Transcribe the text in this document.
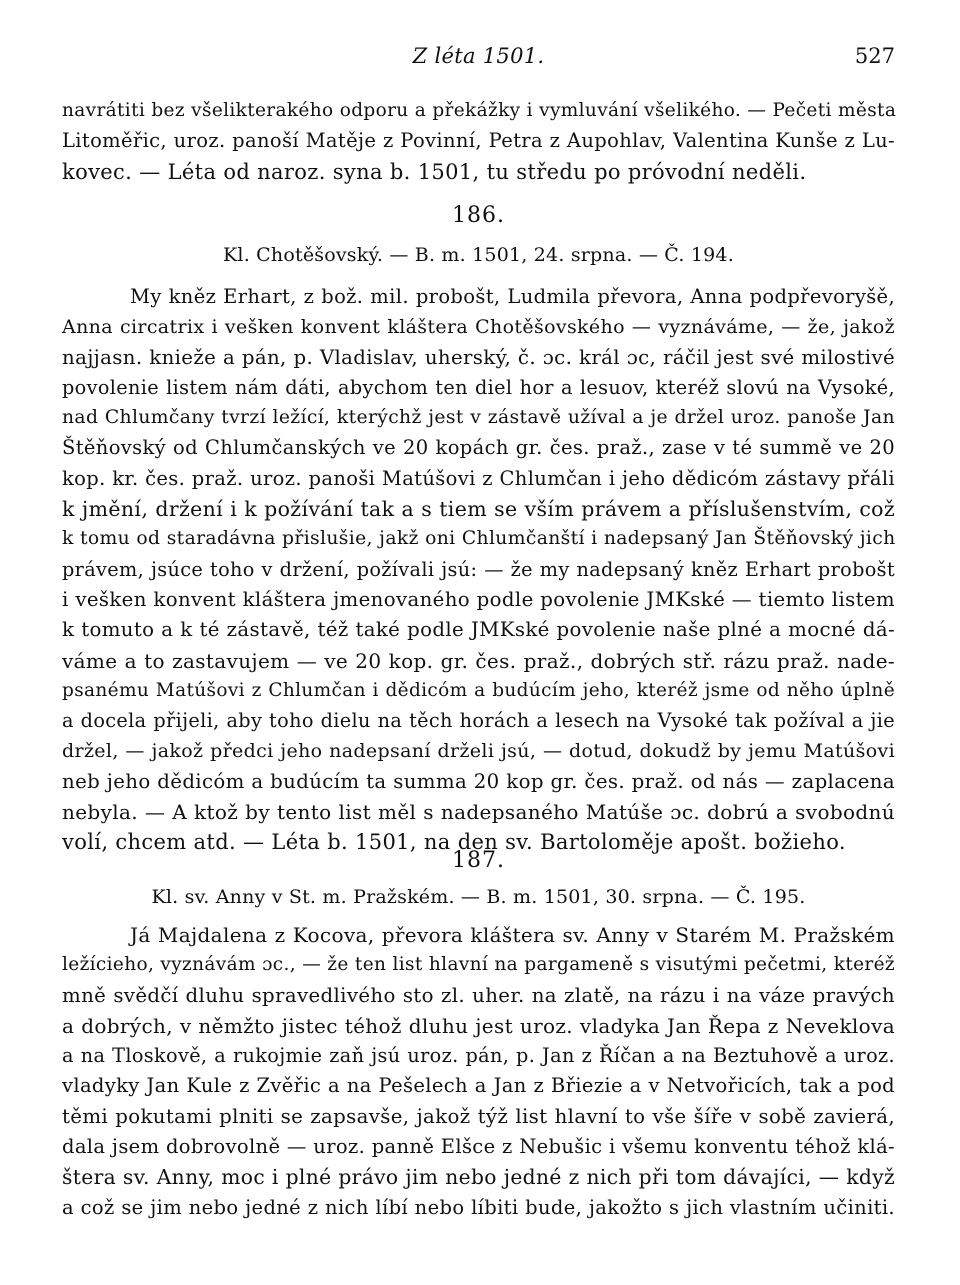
Z léta 1501.	527
navrátiti bez všelikterakého odporu a překážky i vymluvání všelikého. — Pečeti města
Litoměřic, uroz. panoší Matěje z Povinní, Petra z Aupohlav, Valentina Kunše z Lu-
kovec. — Léta od naroz. syna b. 1501, tu středu po próvodní neděli.
186.
Kl. Chotěšovský. — B. m. 1501, 24. srpna. — Č. 194.
My kněz Erhart, z bož. mil. probošt, Ludmila převora, Anna podpřevoryšě,
Anna circatrix i vešken konvent kláštera Chotěšovského — vyznáváme, — že, jakož
najjasn. knieže a pán, p. Vladislav, uherský, č. ɔc. král ɔc, ráčil jest své milostivé
povolenie listem nám dáti, abychom ten diel hor a lesuov, kteréž slovú na Vysoké,
nad Chlumčany tvrzí ležící, kterýchž jest v zástavě užíval a je držel uroz. panoše Jan
Štěňovský od Chlumčanských ve 20 kopách gr. čes. praž., zase v té summě ve 20
kop. kr. čes. praž. uroz. panoši Matúšovi z Chlumčan i jeho dědicóm zástavy přáli
k jmění, držení i k požívání tak a s tiem se vším právem a příslušenstvím, což
k tomu od staradávna přislušie, jakž oni Chlumčanští i nadepsaný Jan Štěňovský jich
právem, jsúce toho v držení, požívali jsú: — že my nadepsaný kněz Erhart probošt
i vešken konvent kláštera jmenovaného podle povolenie JMKské — tiemto listem
k tomuto a k té zástavě, též také podle JMKské povolenie naše plné a mocné dá-
váme a to zastavujem — ve 20 kop. gr. čes. praž., dobrých stř. rázu praž. nade-
psanému Matúšovi z Chlumčan i dědicóm a budúcím jeho, kteréž jsme od něho úplně
a docela přijeli, aby toho dielu na těch horách a lesech na Vysoké tak požíval a jie
držel, — jakož předci jeho nadepsaní drželi jsú, — dotud, dokudž by jemu Matúšovi
neb jeho dědicóm a budúcím ta summa 20 kop gr. čes. praž. od nás — zaplacena
nebyla. — A ktož by tento list měl s nadepsaného Matúše ɔc. dobrú a svobodnú
volí, chcem atd. — Léta b. 1501, na den sv. Bartoloměje apošt. božieho.
187.
Kl. sv. Anny v St. m. Pražském. — B. m. 1501, 30. srpna. — Č. 195.
Já Majdalena z Kocova, převora kláštera sv. Anny v Starém M. Pražském
ležícieho, vyznávám ɔc., — že ten list hlavní na pargameně s visutými pečetmi, kteréž
mně svědčí dluhu spravedlivého sto zl. uher. na zlatě, na rázu i na váze pravých
a dobrých, v němžto jistec téhož dluhu jest uroz. vladyka Jan Řepa z Neveklova
a na Tloskově, a rukojmie zaň jsú uroz. pán, p. Jan z Říčan a na Beztuhově a uroz.
vladyky Jan Kule z Zvěřic a na Pešelech a Jan z Břiezie a v Netvořicích, tak a pod
těmi pokutami plniti se zapsavše, jakož týž list hlavní to vše šíře v sobě zavierá,
dala jsem dobrovolně — uroz. panně Elšce z Nebušic i všemu konventu téhož klá-
štera sv. Anny, moc i plné právo jim nebo jedné z nich při tom dávajíci, — když
a což se jim nebo jedné z nich líbí nebo líbiti bude, jakožto s jich vlastním učiniti.
